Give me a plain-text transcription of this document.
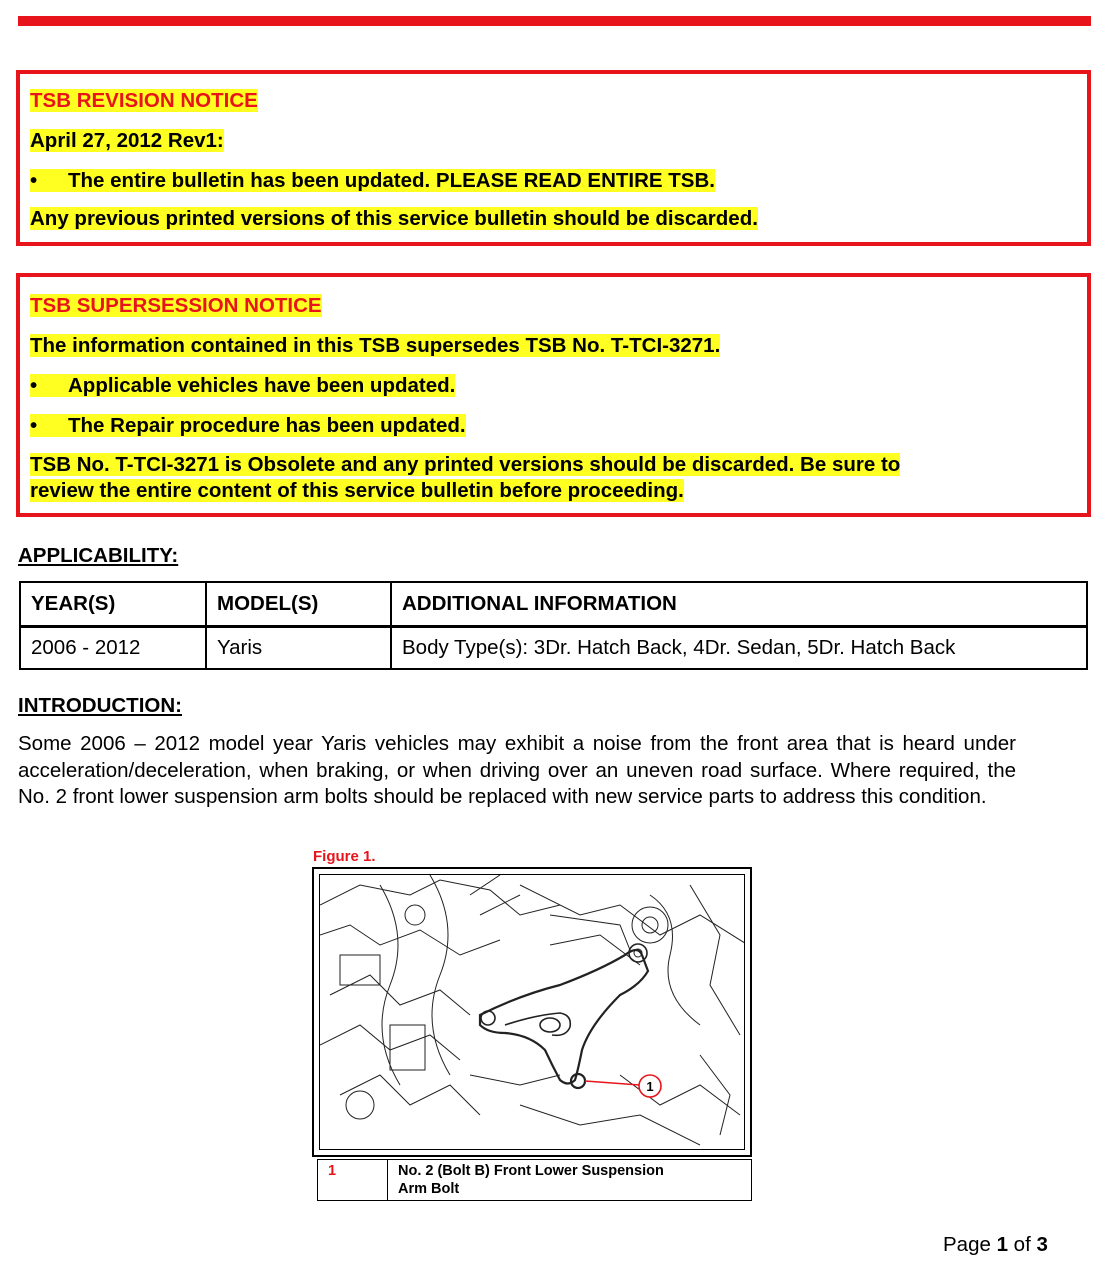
TSB REVISION NOTICE
April 27, 2012 Rev1:
• The entire bulletin has been updated. PLEASE READ ENTIRE TSB.
Any previous printed versions of this service bulletin should be discarded.
TSB SUPERSESSION NOTICE
The information contained in this TSB supersedes TSB No. T-TCI-3271.
• Applicable vehicles have been updated.
• The Repair procedure has been updated.
TSB No. T-TCI-3271 is Obsolete and any printed versions should be discarded. Be sure to
review the entire content of this service bulletin before proceeding.
APPLICABILITY:
YEAR(S)	MODEL(S)	ADDITIONAL INFORMATION
2006 - 2012	Yaris	Body Type(s): 3Dr. Hatch Back, 4Dr. Sedan, 5Dr. Hatch Back
INTRODUCTION:
Some 2006 – 2012 model year Yaris vehicles may exhibit a noise from the front area that is heard under acceleration/deceleration, when braking, or when driving over an uneven road surface. Where required, the No. 2 front lower suspension arm bolts should be replaced with new service parts to address this condition.
Figure 1.
1
1	No. 2 (Bolt B) Front Lower Suspension
Arm Bolt
Page 1 of 3
